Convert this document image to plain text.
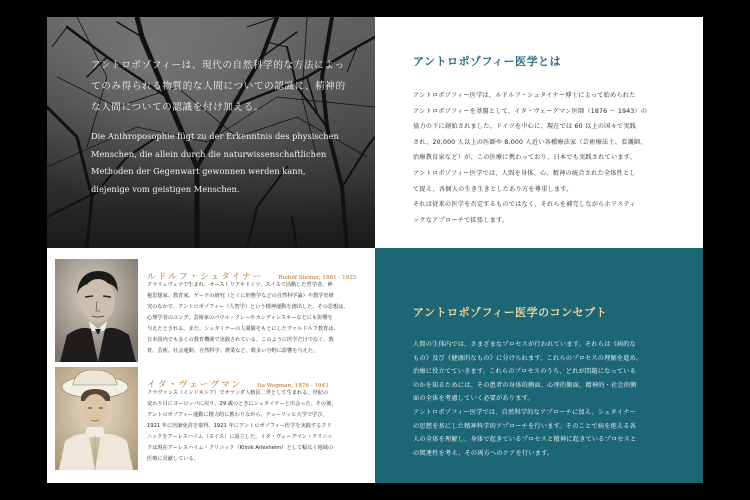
アントロポゾフィーは、現代の自然科学的な方法によっ
てのみ得られる物質的な人間についての認識に、精神的
な人間についての認識を付け加える。
Die Anthroposophie fügt zu der Erkenntnis des physischen
Menschen, die allein durch die naturwissenschaftlichen
Methoden der Gegenwart gewonnen werden kann,
diejenige vom geistigen Menschen.
アントロポゾフィー医学とは
アントロポゾフィー医学は、ルドルフ・シュタイナー博士によって始められた
アントロポゾフィーを基盤として、イタ・ヴェーグマン医師（1876 ～ 1943）の
協力の下に創始されました。ドイツを中心に、現在では 60 以上の国々で実践
され、20,000 人以上の医師や 8,000 人近い各種療法家（芸術療法士、看護師、
治療教育家など）が、この医療に携わっており、日本でも実践されています。
アントロポゾフィー医学では、人間を身体、心、精神の統合された全体性とし
て捉え、各個人の生き生きとしたあり方を尊重します。
それは従来の医学を否定するものではなく、それらを補完しながらホリスティ
ックなアプローチで拡張します。
ルドルフ・シュタイナー	Rudolf Steiner, 1861 - 1925
クラリェヴェツで生まれ、オーストリアやドイツ、スイスで活動した哲学者。神
秘思想家、教育家。ゲーテの研究（とくに形態学などの自然科学論）や教学史研
究のなかで、アントロポゾフィー（人智学）という精神運動を創出した。その思想は、
心理学者のユング、芸術家のパウル・クレーやカンディンスキーなどにも影響を
与えたとされる。また、シュタイナーの人間観をもとにしたヴァルドルフ教育は、
日本国内でも多くの教育機関で実践されている。このように医学だけでなく、教
育、芸術、社会運動、自然科学、農業など、数多い分野に影響を与えた。
イタ・ヴェーグマン	Ita Wegman, 1876 - 1943
クラヴァンス（インドネシア）でオランダ人植民二世として生まれる。世紀の
変わり目にヨーロッパに戻り、29 歳のときにシュタイナーと出会った。その後、
アントロポゾフィー運動に精力的に携わりながら、チューリッヒ大学で学び、
1921 年に医師免許を取得。1921 年にアントロポゾフィー医学を実践するクリ
ニックをアーレスハイム（スイス）に設立した。イタ・ヴェーグマン・クリニッ
クは現在アーレスハイム・クリニック（Klinik Arlesheim）として幅広く地域の
医療に貢献している。
アントロポゾフィー医学のコンセプト
人間の生体内では、さまざまなプロセスが行われています。それらは《病的な
もの》及び《健康的なもの》に分けられます。これらのプロセスの理解を進め、
治療に役立てていきます。これらのプロセスのうち、どれが問題になっている
のかを知るためには、その患者の身体的側面、心理的側面、精神的・社会的側
面の全体を考慮していく必要があります。
アントロポゾフィー医学では、自然科学的なアプローチに加え、シュタイナー
の思想を基にした精神科学的アプローチを行います。そのことで病を抱える各
人の全体を理解し、身体で起きているプロセスと精神に起きているプロセスと
の関連性を考え、その両方へのケアを行います。
